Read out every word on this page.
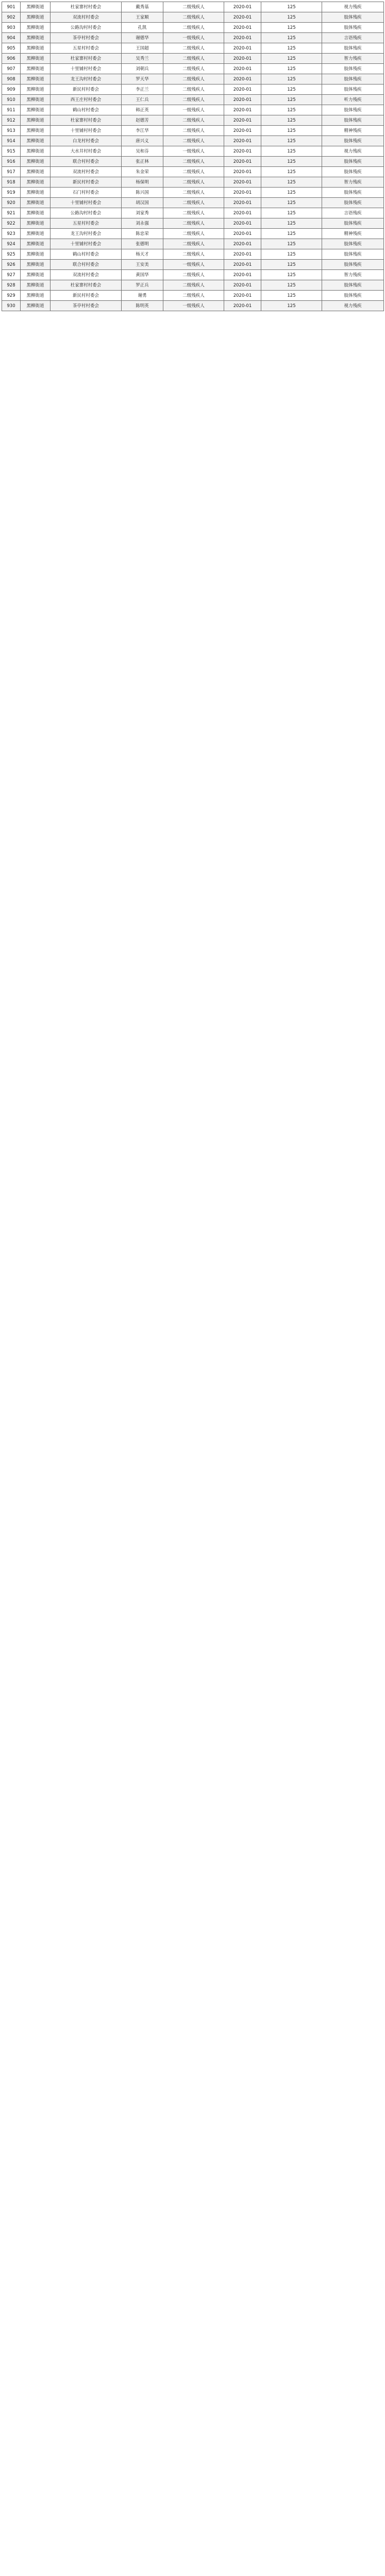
901	黑柳街道	杜家寨村村委会	戴秀基	二级残疾人	2020-01	125	视力残疾
902	黑柳街道	双流村村委会	王家顺	二级残疾人	2020-01	125	肢体残疾
903	黑柳街道	公路沟村村委会	孔凯	二级残疾人	2020-01	125	肢体残疾
904	黑柳街道	茶亭村村委会	谢德华	一级残疾人	2020-01	125	言语残疾
905	黑柳街道	五星村村委会	王国超	二级残疾人	2020-01	125	肢体残疾
906	黑柳街道	杜家寨村村委会	吴秀兰	二级残疾人	2020-01	125	智力残疾
907	黑柳街道	十里铺村村委会	刘朝兵	二级残疾人	2020-01	125	肢体残疾
908	黑柳街道	龙王沟村村委会	罗天华	二级残疾人	2020-01	125	肢体残疾
909	黑柳街道	新民村村委会	李正兰	二级残疾人	2020-01	125	肢体残疾
910	黑柳街道	西王庄村村委会	王仁兵	二级残疾人	2020-01	125	听力残疾
911	黑柳街道	鹤山村村委会	韩正英	一级残疾人	2020-01	125	肢体残疾
912	黑柳街道	杜家寨村村委会	赵德芳	二级残疾人	2020-01	125	肢体残疾
913	黑柳街道	十里铺村村委会	李江华	二级残疾人	2020-01	125	精神残疾
914	黑柳街道	白龙村村委会	唐兴义	二级残疾人	2020-01	125	肢体残疾
915	黑柳街道	大水井村村委会	吴和芬	一级残疾人	2020-01	125	视力残疾
916	黑柳街道	联合村村委会	张正林	二级残疾人	2020-01	125	肢体残疾
917	黑柳街道	双流村村委会	朱金荣	二级残疾人	2020-01	125	肢体残疾
918	黑柳街道	新民村村委会	杨保明	二级残疾人	2020-01	125	智力残疾
919	黑柳街道	石门村村委会	陈兴国	二级残疾人	2020-01	125	肢体残疾
920	黑柳街道	十里铺村村委会	胡汉国	二级残疾人	2020-01	125	肢体残疾
921	黑柳街道	公路沟村村委会	刘家秀	二级残疾人	2020-01	125	言语残疾
922	黑柳街道	五星村村委会	刘永强	二级残疾人	2020-01	125	肢体残疾
923	黑柳街道	龙王沟村村委会	陈忠荣	二级残疾人	2020-01	125	精神残疾
924	黑柳街道	十里铺村村委会	张德明	二级残疾人	2020-01	125	肢体残疾
925	黑柳街道	鹤山村村委会	杨天才	二级残疾人	2020-01	125	肢体残疾
926	黑柳街道	联合村村委会	王安美	一级残疾人	2020-01	125	肢体残疾
927	黑柳街道	双流村村委会	黄国华	二级残疾人	2020-01	125	智力残疾
928	黑柳街道	杜家寨村村委会	罗正兵	二级残疾人	2020-01	125	肢体残疾
929	黑柳街道	新民村村委会	谢勇	二级残疾人	2020-01	125	肢体残疾
930	黑柳街道	茶亭村村委会	陈明英	一级残疾人	2020-01	125	视力残疾
